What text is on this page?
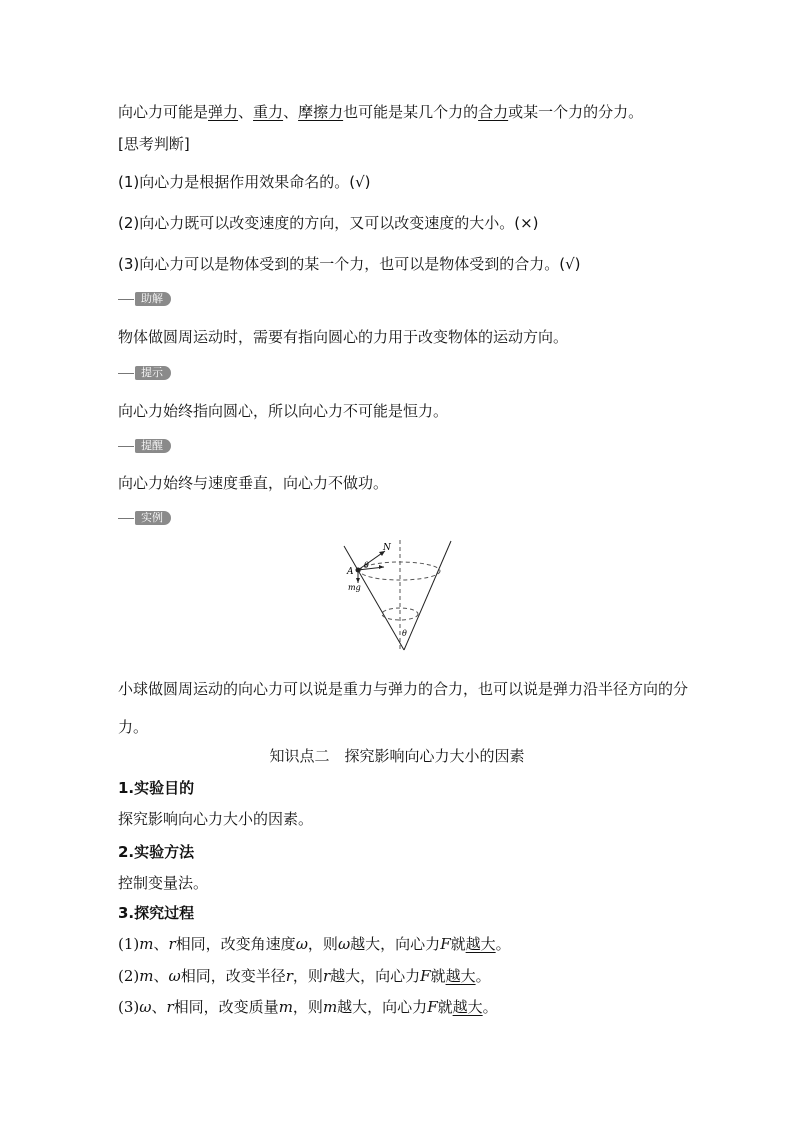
向心力可能是弹力、重力、摩擦力也可能是某几个力的合力或某一个力的分力。
[思考判断]
(1)向心力是根据作用效果命名的。(√)
(2)向心力既可以改变速度的方向，又可以改变速度的大小。(×)
(3)向心力可以是物体受到的某一个力，也可以是物体受到的合力。(√)
助解
物体做圆周运动时，需要有指向圆心的力用于改变物体的运动方向。
提示
向心力始终指向圆心，所以向心力不可能是恒力。
提醒
向心力始终与速度垂直，向心力不做功。
实例
N
A
mg
θ
θ
小球做圆周运动的向心力可以说是重力与弹力的合力，也可以说是弹力沿半径方向的分力。
知识点二　探究影响向心力大小的因素
1.实验目的
探究影响向心力大小的因素。
2.实验方法
控制变量法。
3.探究过程
(1)m、r相同，改变角速度ω，则ω越大，向心力F就越大。
(2)m、ω相同，改变半径r，则r越大，向心力F就越大。
(3)ω、r相同，改变质量m，则m越大，向心力F就越大。
